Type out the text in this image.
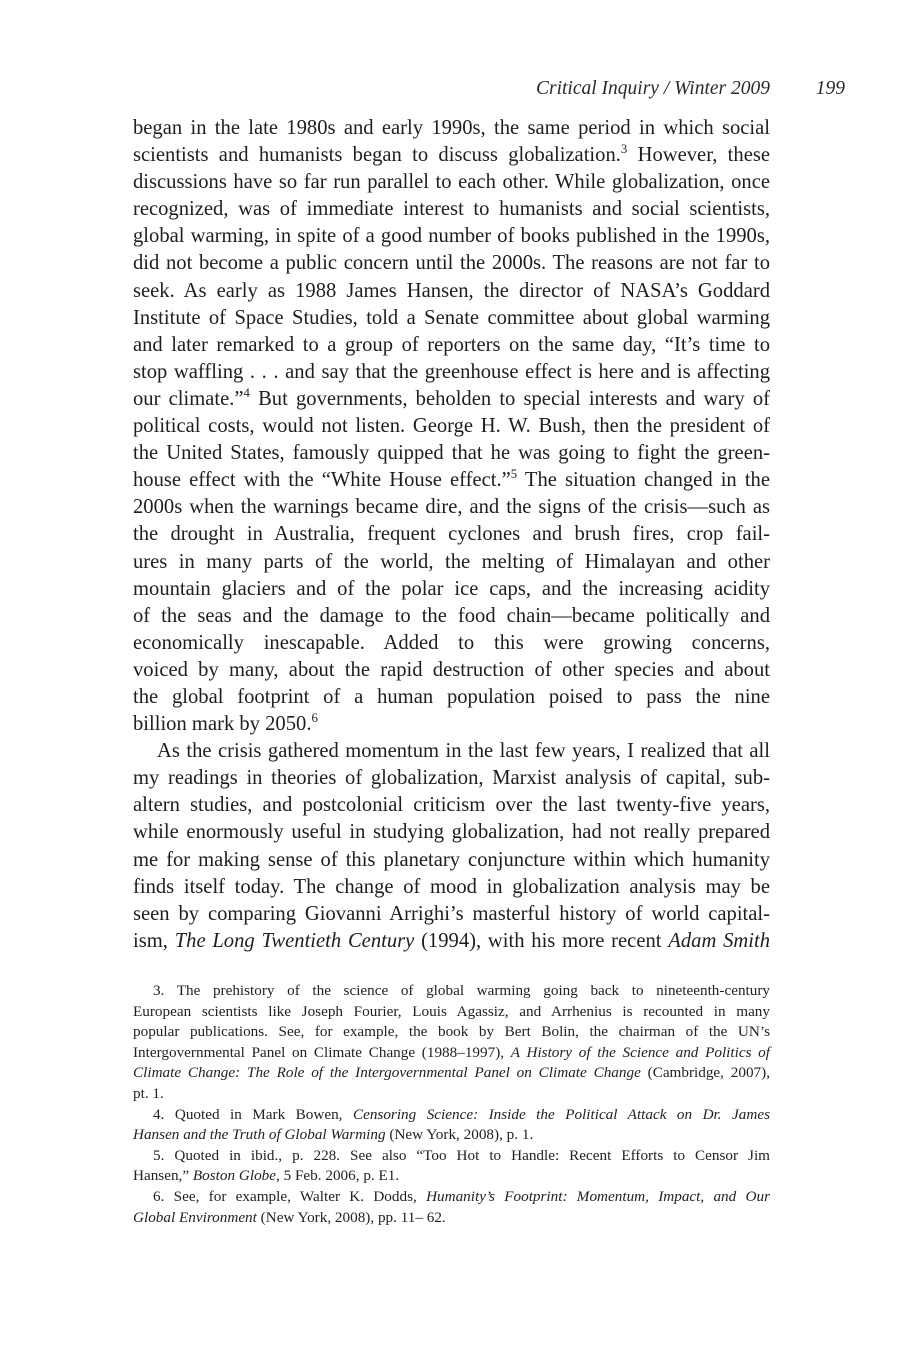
Critical Inquiry / Winter 2009 199
began in the late 1980s and early 1990s, the same period in which social
scientists and humanists began to discuss globalization.$^3$ However, these
discussions have so far run parallel to each other. While globalization, once
recognized, was of immediate interest to humanists and social scientists,
global warming, in spite of a good number of books published in the 1990s,
did not become a public concern until the 2000s. The reasons are not far to
seek. As early as 1988 James Hansen, the director of NASA’s Goddard
Institute of Space Studies, told a Senate committee about global warming
and later remarked to a group of reporters on the same day, “It’s time to
stop waffling . . . and say that the greenhouse effect is here and is affecting
our climate.”$^4$ But governments, beholden to special interests and wary of
political costs, would not listen. George H. W. Bush, then the president of
the United States, famously quipped that he was going to fight the green-
house effect with the “White House effect.”$^5$ The situation changed in the
2000s when the warnings became dire, and the signs of the crisis—such as
the drought in Australia, frequent cyclones and brush fires, crop fail-
ures in many parts of the world, the melting of Himalayan and other
mountain glaciers and of the polar ice caps, and the increasing acidity
of the seas and the damage to the food chain—became politically and
economically inescapable. Added to this were growing concerns,
voiced by many, about the rapid destruction of other species and about
the global footprint of a human population poised to pass the nine
billion mark by 2050.$^6$
As the crisis gathered momentum in the last few years, I realized that all
my readings in theories of globalization, Marxist analysis of capital, sub-
altern studies, and postcolonial criticism over the last twenty-five years,
while enormously useful in studying globalization, had not really prepared
me for making sense of this planetary conjuncture within which humanity
finds itself today. The change of mood in globalization analysis may be
seen by comparing Giovanni Arrighi’s masterful history of world capital-
ism, The Long Twentieth Century (1994), with his more recent Adam Smith
3. The prehistory of the science of global warming going back to nineteenth-century
European scientists like Joseph Fourier, Louis Agassiz, and Arrhenius is recounted in many
popular publications. See, for example, the book by Bert Bolin, the chairman of the UN’s
Intergovernmental Panel on Climate Change (1988–1997), A History of the Science and Politics of
Climate Change: The Role of the Intergovernmental Panel on Climate Change (Cambridge, 2007),
pt. 1.
4. Quoted in Mark Bowen, Censoring Science: Inside the Political Attack on Dr. James
Hansen and the Truth of Global Warming (New York, 2008), p. 1.
5. Quoted in ibid., p. 228. See also “Too Hot to Handle: Recent Efforts to Censor Jim
Hansen,” Boston Globe, 5 Feb. 2006, p. E1.
6. See, for example, Walter K. Dodds, Humanity’s Footprint: Momentum, Impact, and Our
Global Environment (New York, 2008), pp. 11– 62.
